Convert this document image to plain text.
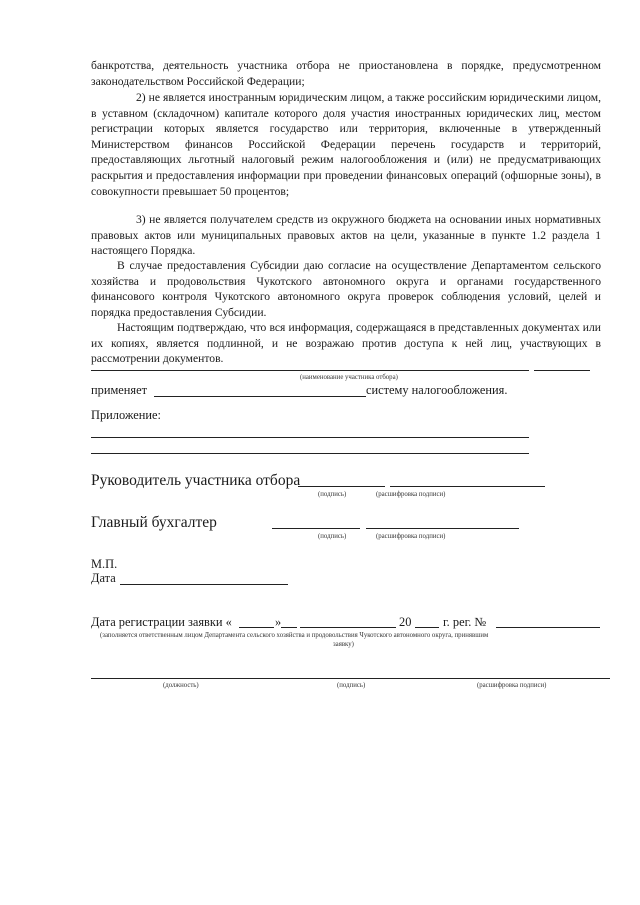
банкротства, деятельность участника отбора не приостановлена в порядке, предусмотренном законодательством Российской Федерации;

2) не является иностранным юридическим лицом, а также российским юридическими лицом, в уставном (складочном) капитале которого доля участия иностранных юридических лиц, местом регистрации которых является государство или территория, включенные в утвержденный Министерством финансов Российской Федерации перечень государств и территорий, предоставляющих льготный налоговый режим налогообложения и (или) не предусматривающих раскрытия и предоставления информации при проведении финансовых операций (офшорные зоны), в совокупности превышает 50 процентов;

3) не является получателем средств из окружного бюджета на основании иных нормативных правовых актов или муниципальных правовых актов на цели, указанные в пункте 1.2 раздела 1 настоящего Порядка.

В случае предоставления Субсидии даю согласие на осуществление Департаментом сельского хозяйства и продовольствия Чукотского автономного округа и органами государственного финансового контроля Чукотского автономного округа проверок соблюдения условий, целей и порядка предоставления Субсидии.

Настоящим подтверждаю, что вся информация, содержащаяся в представленных документах или их копиях, является подлинной, и не возражаю против доступа к ней лиц, участвующих в рассмотрении документов.

(наименование участника отбора)
применяет	систему налогообложения.
Приложение:
Руководитель участника отбора
(подпись)	(расшифровка подписи)
Главный бухгалтер
(подпись)	(расшифровка подписи)
М.П.
Дата
Дата регистрации заявки «	»	20	г. рег. №
(заполняется ответственным лицом Департамента сельского хозяйства и продовольствия Чукотского автономного округа, принявшим
заявку)
(должность)	(подпись)	(расшифровка подписи)
